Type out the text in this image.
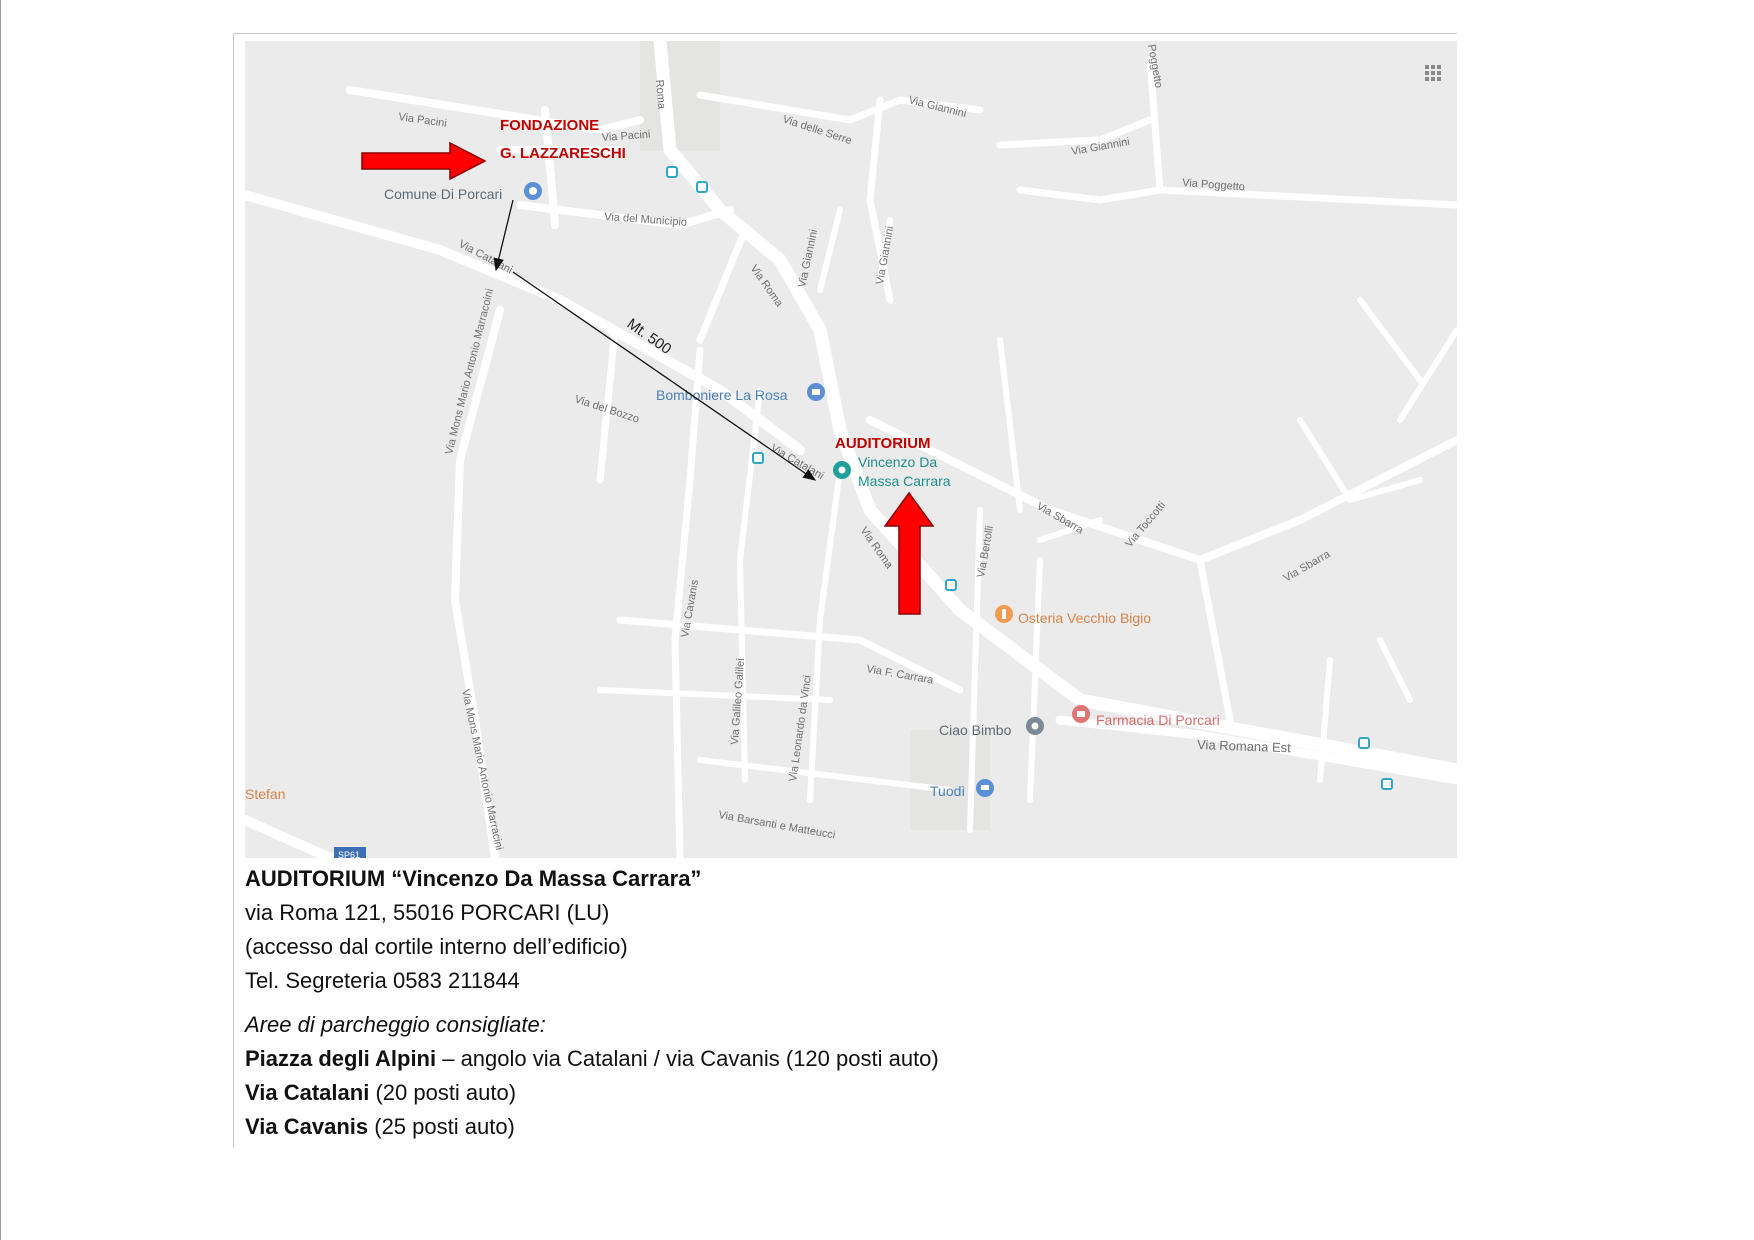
Roma
Via Pacini
Via Pacini	Via delle Serre
Via Giannini
Via Giannini
Via Poggetto
Poggetto
Via del Municipio
Via Catalani
Via Catalani
Via Giannini	Via Giannini
Via Roma
Via Mons Mario Antonio Marracoini
Via Mons Mario Antonio Marracini
Via del Bozzo
Via Cavanis
Via Galileo Galilei	Via Leonardo da Vinci	Via F. Carrara
Via Barsanti e Matteucci
Via Bertolli
Via Sbarra
Via Sbarra
Via Toccotti
Via Roma
Via Romana Est
Stefan
SP61
Comune Di Porcari
Bomboniere La Rosa
Vincenzo Da
Massa Carrara
Osteria Vecchio Bigio
Farmacia Di Porcari
Ciao Bimbo
Tuodì
FONDAZIONE
G. LAZZARESCHI
AUDITORIUM
Mt. 500
AUDITORIUM “Vincenzo Da Massa Carrara”
via Roma 121, 55016 PORCARI (LU)
(accesso dal cortile interno dell’edificio)
Tel. Segreteria 0583 211844
Aree di parcheggio consigliate:
Piazza degli Alpini – angolo via Catalani / via Cavanis (120 posti auto)
Via Catalani (20 posti auto)
Via Cavanis (25 posti auto)
